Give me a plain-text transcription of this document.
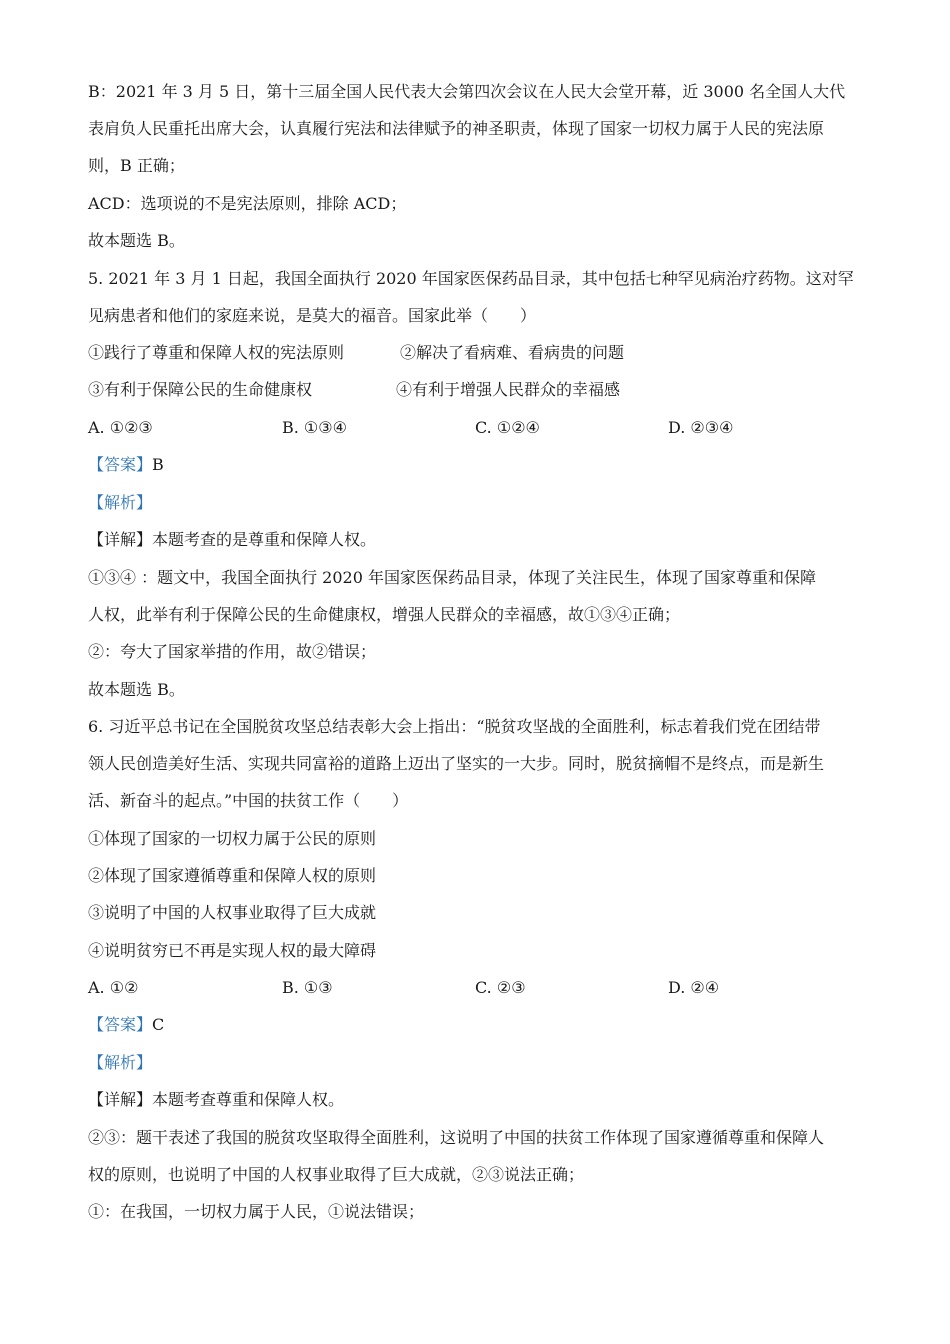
B：2021 年 3 月 5 日，第十三届全国人民代表大会第四次会议在人民大会堂开幕，近 3000 名全国人大代
表肩负人民重托出席大会，认真履行宪法和法律赋予的神圣职责，体现了国家一切权力属于人民的宪法原
则，B 正确；
ACD：选项说的不是宪法原则，排除 ACD；
故本题选 B。
5. 2021 年 3 月 1 日起，我国全面执行 2020 年国家医保药品目录，其中包括七种罕见病治疗药物。这对罕
见病患者和他们的家庭来说，是莫大的福音。国家此举（　　）
①践行了尊重和保障人权的宪法原则	②解决了看病难、看病贵的问题
③有利于保障公民的生命健康权	④有利于增强人民群众的幸福感
A. ①②③	B. ①③④	C. ①②④	D. ②③④
【答案】B
【解析】
【详解】本题考查的是尊重和保障人权。
①③④ ：题文中，我国全面执行 2020 年国家医保药品目录，体现了关注民生，体现了国家尊重和保障
人权，此举有利于保障公民的生命健康权，增强人民群众的幸福感，故①③④正确；
②：夸大了国家举措的作用，故②错误；
故本题选 B。
6. 习近平总书记在全国脱贫攻坚总结表彰大会上指出：“脱贫攻坚战的全面胜利，标志着我们党在团结带
领人民创造美好生活、实现共同富裕的道路上迈出了坚实的一大步。同时，脱贫摘帽不是终点，而是新生
活、新奋斗的起点。”中国的扶贫工作（　　）
①体现了国家的一切权力属于公民的原则
②体现了国家遵循尊重和保障人权的原则
③说明了中国的人权事业取得了巨大成就
④说明贫穷已不再是实现人权的最大障碍
A. ①②	B. ①③	C. ②③	D. ②④
【答案】C
【解析】
【详解】本题考查尊重和保障人权。
②③：题干表述了我国的脱贫攻坚取得全面胜利，这说明了中国的扶贫工作体现了国家遵循尊重和保障人
权的原则，也说明了中国的人权事业取得了巨大成就，②③说法正确；
①：在我国，一切权力属于人民，①说法错误；
